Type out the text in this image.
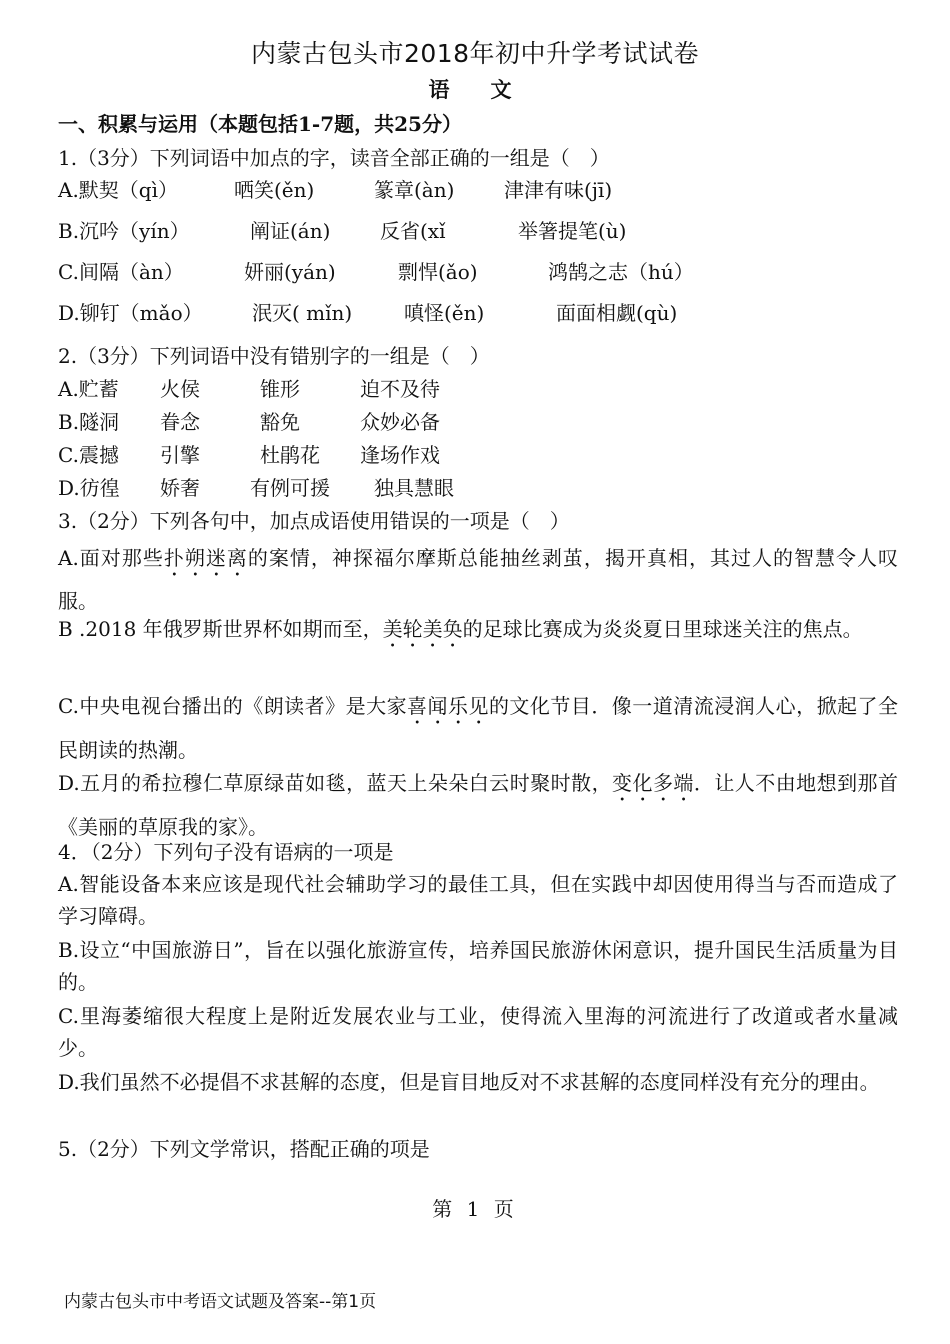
内蒙古包头市2018年初中升学考试试卷
语　文
一、积累与运用（本题包括1-7题，共25分）
1.（3分）下列词语中加点的字，读音全部正确的一组是（　）
A.默契（qì）	哂笑(ěn)	篆章(àn) 津津有味(jī)
B.沉吟（yín）	阐证(án) 反省(xǐ	举箸提笔(ù)
C.间隔（àn）	妍丽(yán)	剽悍(ǎo)	鸿鹄之志（hú）
D.铆钉（mǎo） 泯灭( mǐn)	嗔怪(ěn)	面面相觑(qù)
2.（3分）下列词语中没有错别字的一组是（　）
A.贮蓄 火侯	锥形	迫不及待
B.隧洞 眷念	豁免	众妙必备
C.震撼 引擎	杜鹃花 逢场作戏
D.彷徨 娇奢	有例可援 独具慧眼
3.（2分）下列各句中，加点成语使用错误的一项是（　）
A.面对那些扑朔迷离的案情，神探福尔摩斯总能抽丝剥茧，揭开真相，其过人的智慧令人叹服。
B .2018 年俄罗斯世界杯如期而至，美轮美奂的足球比赛成为炎炎夏日里球迷关注的焦点。
C.中央电视台播出的《朗读者》是大家喜闻乐见的文化节目．像一道清流浸润人心，掀起了全民朗读的热潮。
D.五月的希拉穆仁草原绿苗如毯，蓝天上朵朵白云时聚时散，变化多端．让人不由地想到那首《美丽的草原我的家》。
4．（2分）下列句子没有语病的一项是
A.智能设备本来应该是现代社会辅助学习的最佳工具，但在实践中却因使用得当与否而造成了学习障碍。
B.设立“中国旅游日”，旨在以强化旅游宣传，培养国民旅游休闲意识，提升国民生活质量为目的。
C.里海萎缩很大程度上是附近发展农业与工业，使得流入里海的河流进行了改道或者水量减少。
D.我们虽然不必提倡不求甚解的态度，但是盲目地反对不求甚解的态度同样没有充分的理由。
5.（2分）下列文学常识，搭配正确的项是
第 1 页
内蒙古包头市中考语文试题及答案--第1页
